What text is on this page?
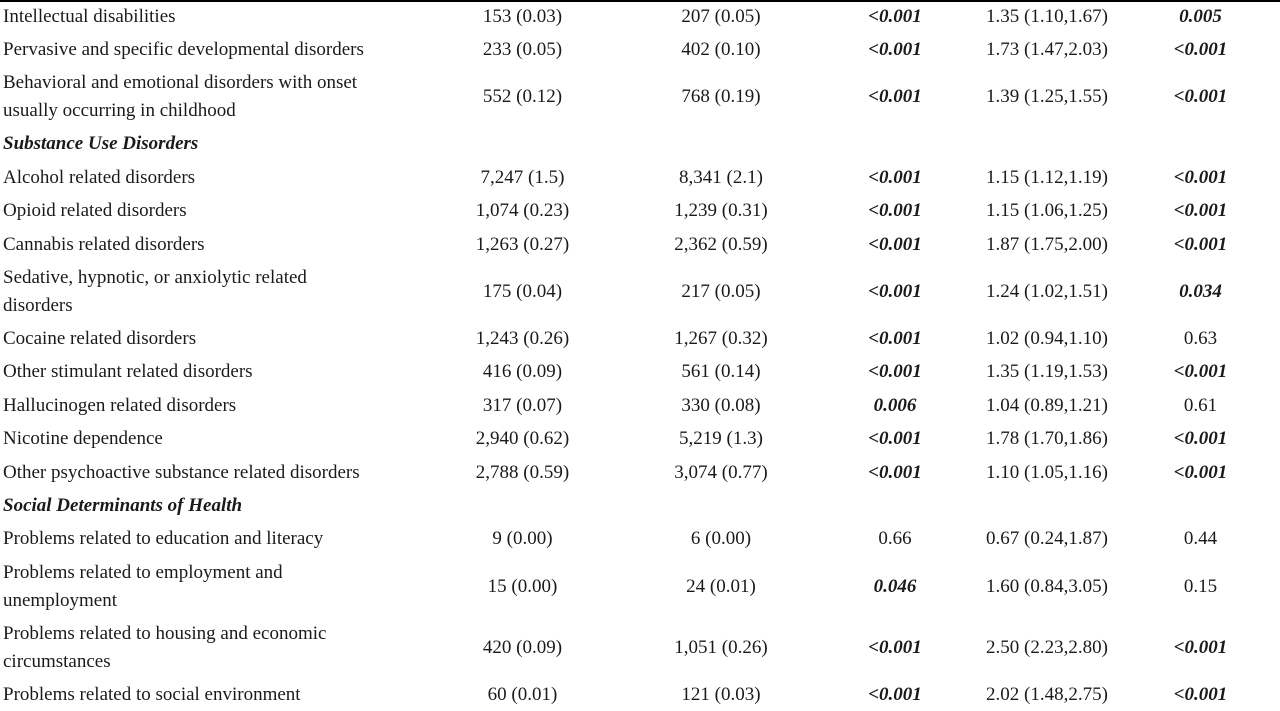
Intellectual disabilities	153 (0.03)	207 (0.05)	<0.001	1.35 (1.10,1.67)	0.005
Pervasive and specific developmental disorders	233 (0.05)	402 (0.10)	<0.001	1.73 (1.47,2.03)	<0.001
Behavioral and emotional disorders with onset
usually occurring in childhood	552 (0.12)	768 (0.19)	<0.001	1.39 (1.25,1.55)	<0.001
Substance Use Disorders					
Alcohol related disorders	7,247 (1.5)	8,341 (2.1)	<0.001	1.15 (1.12,1.19)	<0.001
Opioid related disorders	1,074 (0.23)	1,239 (0.31)	<0.001	1.15 (1.06,1.25)	<0.001
Cannabis related disorders	1,263 (0.27)	2,362 (0.59)	<0.001	1.87 (1.75,2.00)	<0.001
Sedative, hypnotic, or anxiolytic related
disorders	175 (0.04)	217 (0.05)	<0.001	1.24 (1.02,1.51)	0.034
Cocaine related disorders	1,243 (0.26)	1,267 (0.32)	<0.001	1.02 (0.94,1.10)	0.63
Other stimulant related disorders	416 (0.09)	561 (0.14)	<0.001	1.35 (1.19,1.53)	<0.001
Hallucinogen related disorders	317 (0.07)	330 (0.08)	0.006	1.04 (0.89,1.21)	0.61
Nicotine dependence	2,940 (0.62)	5,219 (1.3)	<0.001	1.78 (1.70,1.86)	<0.001
Other psychoactive substance related disorders	2,788 (0.59)	3,074 (0.77)	<0.001	1.10 (1.05,1.16)	<0.001
Social Determinants of Health					
Problems related to education and literacy	9 (0.00)	6 (0.00)	0.66	0.67 (0.24,1.87)	0.44
Problems related to employment and
unemployment	15 (0.00)	24 (0.01)	0.046	1.60 (0.84,3.05)	0.15
Problems related to housing and economic
circumstances	420 (0.09)	1,051 (0.26)	<0.001	2.50 (2.23,2.80)	<0.001
Problems related to social environment	60 (0.01)	121 (0.03)	<0.001	2.02 (1.48,2.75)	<0.001
